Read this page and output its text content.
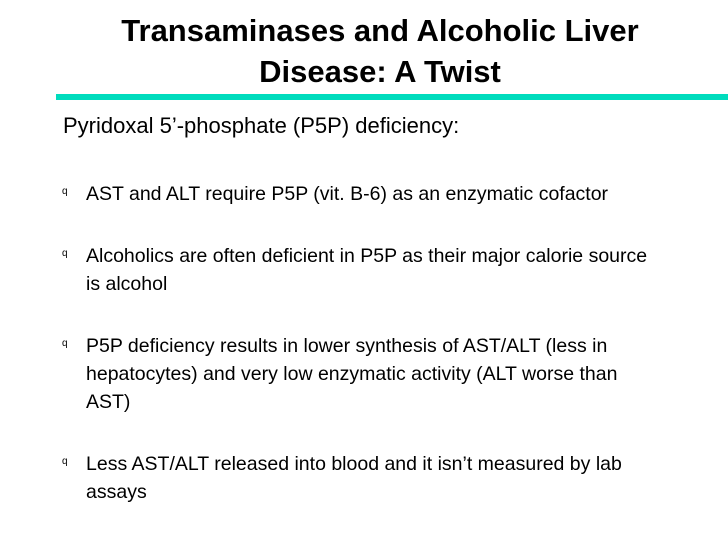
Transaminases and Alcoholic Liver
Disease: A Twist
Pyridoxal 5’-phosphate (P5P) deficiency:
q AST and ALT require P5P (vit. B-6) as an enzymatic cofactor
q Alcoholics are often deficient in P5P as their major calorie source is alcohol
q P5P deficiency results in lower synthesis of AST/ALT (less in hepatocytes) and very low enzymatic activity (ALT worse than AST)
q Less AST/ALT released into blood and it isn’t measured by lab assays
